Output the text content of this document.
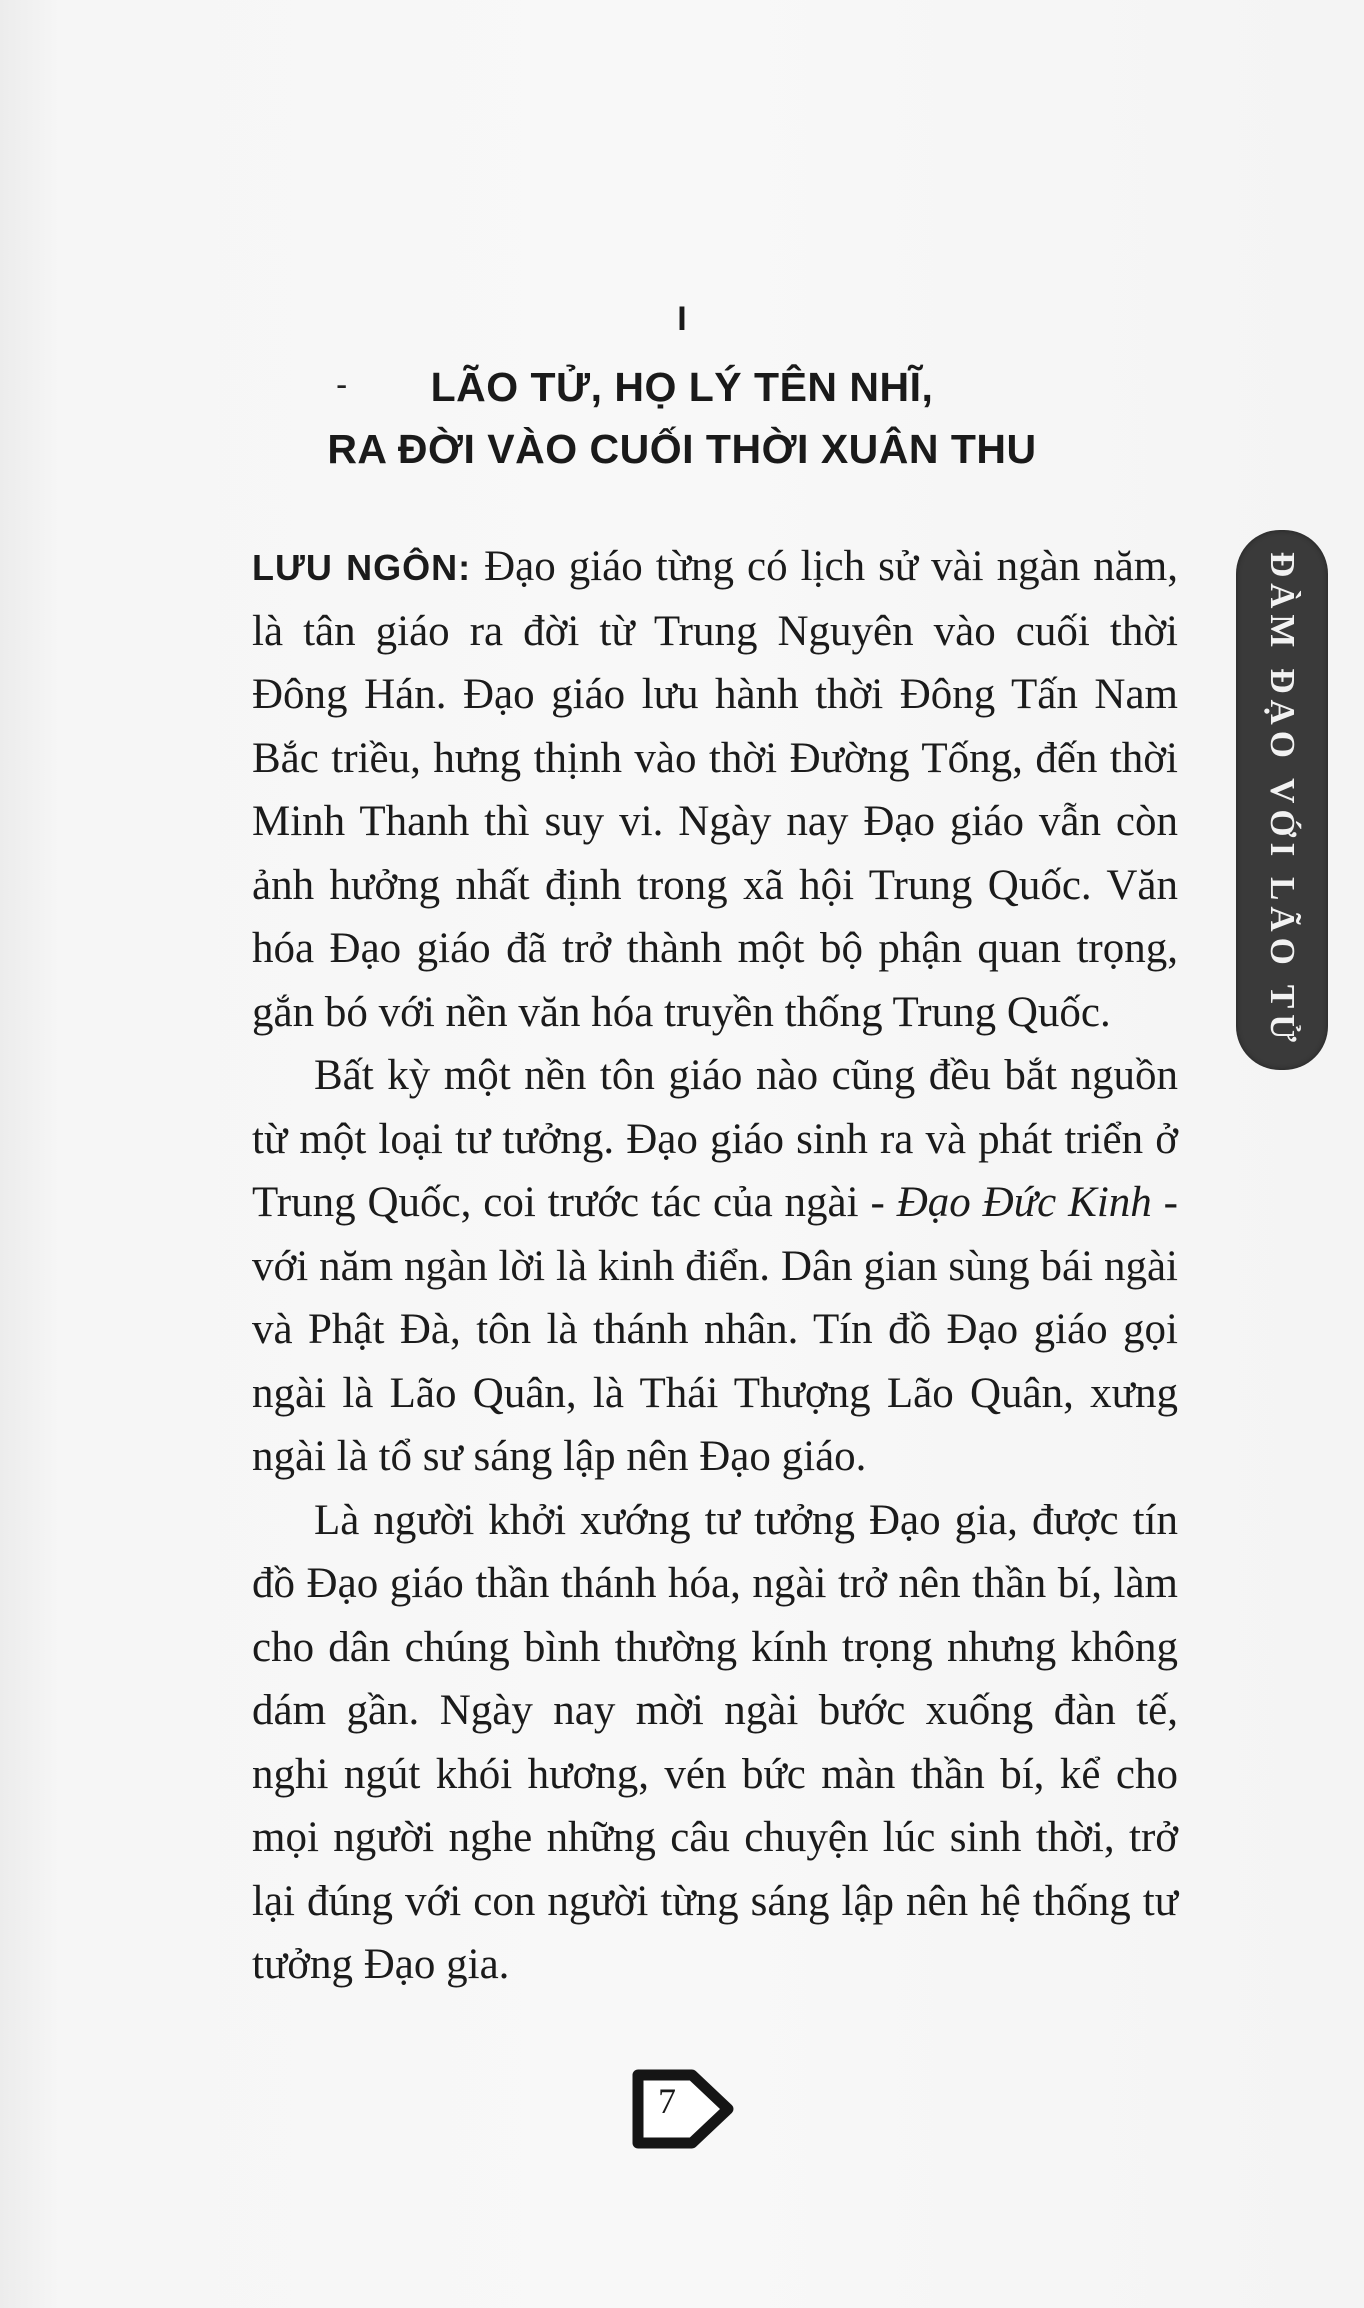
I
-	LÃO TỬ, HỌ LÝ TÊN NHĨ,
RA ĐỜI VÀO CUỐI THỜI XUÂN THU

LƯU NGÔN: Đạo giáo từng có lịch sử vài ngàn năm, là tân giáo ra đời từ Trung Nguyên vào cuối thời Đông Hán. Đạo giáo lưu hành thời Đông Tấn Nam Bắc triều, hưng thịnh vào thời Đường Tống, đến thời Minh Thanh thì suy vi. Ngày nay Đạo giáo vẫn còn ảnh hưởng nhất định trong xã hội Trung Quốc. Văn hóa Đạo giáo đã trở thành một bộ phận quan trọng, gắn bó với nền văn hóa truyền thống Trung Quốc.

Bất kỳ một nền tôn giáo nào cũng đều bắt nguồn từ một loại tư tưởng. Đạo giáo sinh ra và phát triển ở Trung Quốc, coi trước tác của ngài - Đạo Đức Kinh - với năm ngàn lời là kinh điển. Dân gian sùng bái ngài và Phật Đà, tôn là thánh nhân. Tín đồ Đạo giáo gọi ngài là Lão Quân, là Thái Thượng Lão Quân, xưng ngài là tổ sư sáng lập nên Đạo giáo.

Là người khởi xướng tư tưởng Đạo gia, được tín đồ Đạo giáo thần thánh hóa, ngài trở nên thần bí, làm cho dân chúng bình thường kính trọng nhưng không dám gần. Ngày nay mời ngài bước xuống đàn tế, nghi ngút khói hương, vén bức màn thần bí, kể cho mọi người nghe những câu chuyện lúc sinh thời, trở lại đúng với con người từng sáng lập nên hệ thống tư tưởng Đạo gia.

ĐÀM ĐẠO VỚI LÃO TỬ
7
